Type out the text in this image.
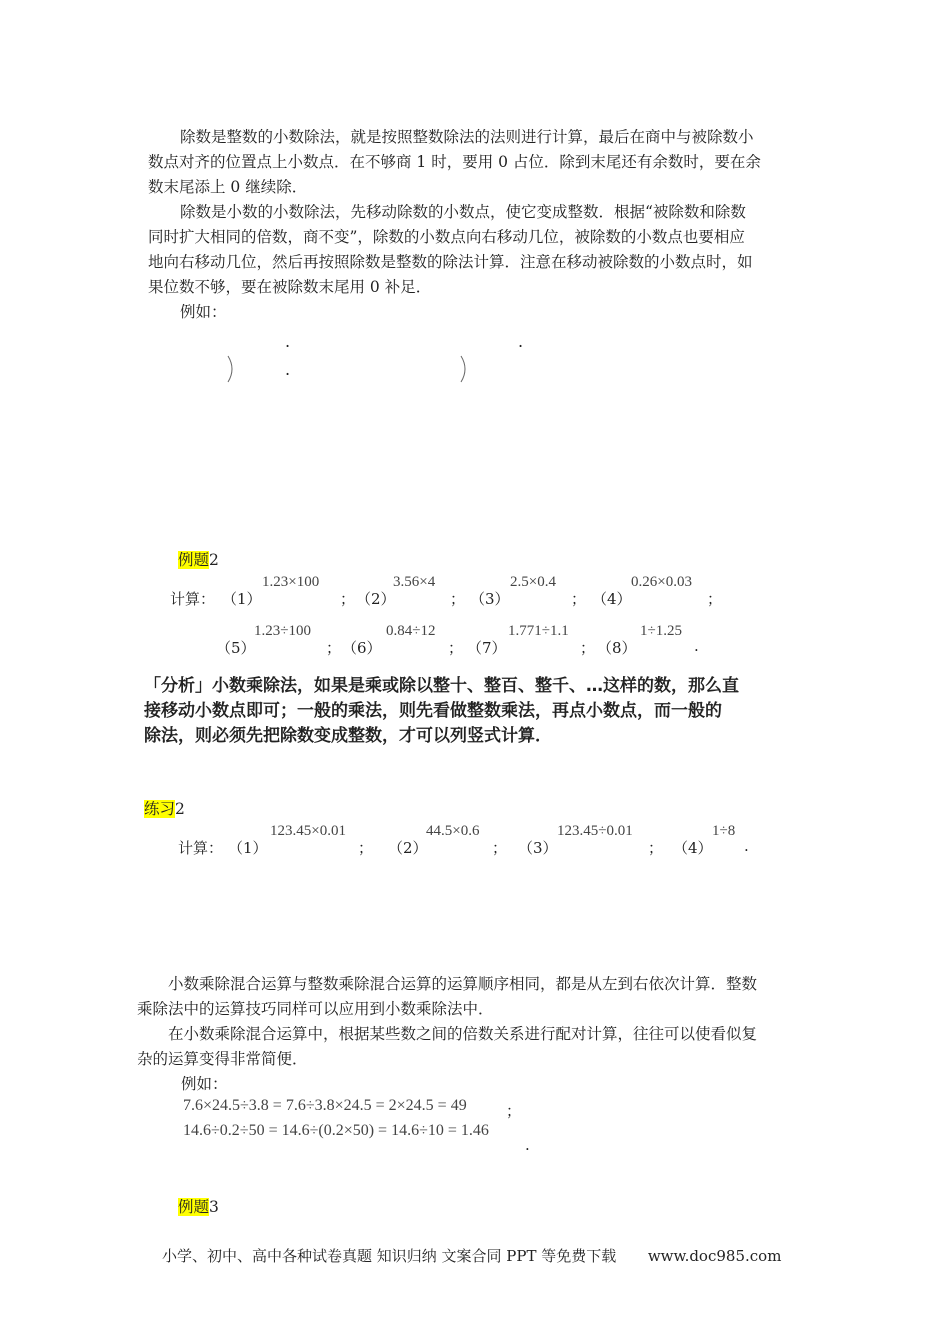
除数是整数的小数除法，就是按照整数除法的法则进行计算，最后在商中与被除数小
数点对齐的位置点上小数点．在不够商 1 时，要用 0 占位．除到末尾还有余数时，要在余
数末尾添上 0 继续除．
除数是小数的小数除法，先移动除数的小数点，使它变成整数．根据“被除数和除数
同时扩大相同的倍数，商不变”，除数的小数点向右移动几位，被除数的小数点也要相应
地向右移动几位，然后再按照除数是整数的除法计算．注意在移动被除数的小数点时，如
果位数不够，要在被除数末尾用 0 补足．
例如：
.
.
.
例题2
计算： （1）
1.23×100
； （2）
3.56×4
； （3）
2.5×0.4
； （4）
0.26×0.03
；
（5）
1.23÷100
； （6）
0.84÷12
； （7）
1.771÷1.1
； （8）
1÷1.25
.
「分析」小数乘除法，如果是乘或除以整十、整百、整千、…这样的数，那么直
接移动小数点即可；一般的乘法，则先看做整数乘法，再点小数点，而一般的
除法，则必须先把除数变成整数，才可以列竖式计算．
练习2
计算： （1）
123.45×0.01
； （2）
44.5×0.6
； （3）
123.45÷0.01
； （4）
1÷8
.
小数乘除混合运算与整数乘除混合运算的运算顺序相同，都是从左到右依次计算．整数
乘除法中的运算技巧同样可以应用到小数乘除法中．
在小数乘除混合运算中，根据某些数之间的倍数关系进行配对计算，往往可以使看似复
杂的运算变得非常简便．
例如：
7.6×24.5÷3.8 = 7.6÷3.8×24.5 = 2×24.5 = 49	；
14.6÷0.2÷50 = 14.6÷(0.2×50) = 14.6÷10 = 1.46
.
例题3
小学、初中、高中各种试卷真题 知识归纳 文案合同 PPT 等免费下载 www.doc985.com
